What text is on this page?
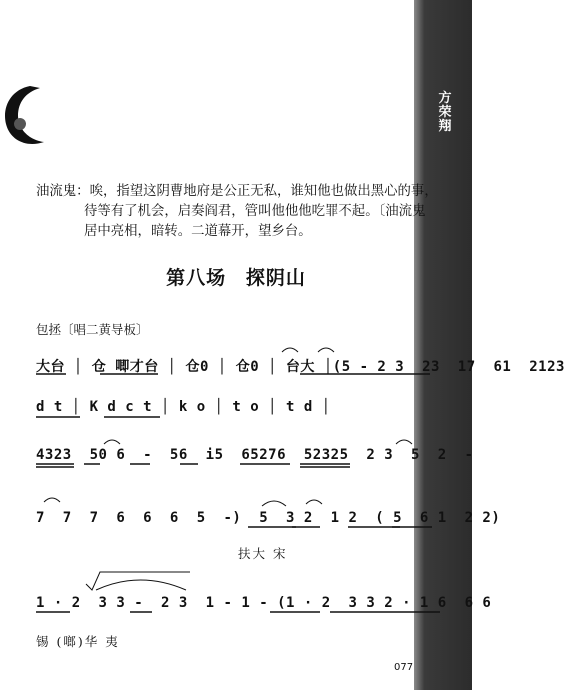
方荣翔
油流鬼：唉，指望这阴曹地府是公正无私，谁知他也做出黑心的事，
待等有了机会，启奏阎君，管叫他他他吃罪不起。〔油流鬼
居中亮相，暗转。二道幕开，望乡台。
第八场 探阴山
包拯〔唱二黄导板〕
大台 │ 仓 唧才台 │ 仓0 │ 仓0 │ 台大 │(5 - 2 3  23  17  61  2123
d t │ K d c t │ k o │ t o │ t d │
4323  50 6  -  56  i5  65276  52325  2 3  5  2  -
7  7  7  6  6  6  5  -)  5  3 2  1 2  ( 5  6 1  2 2)
扶大 宋
1 · 2  3 3 -  2 3  1 - 1 - (1 · 2  3 3 2 · 1 6  6 6
锡 (啷)华 夷
077
